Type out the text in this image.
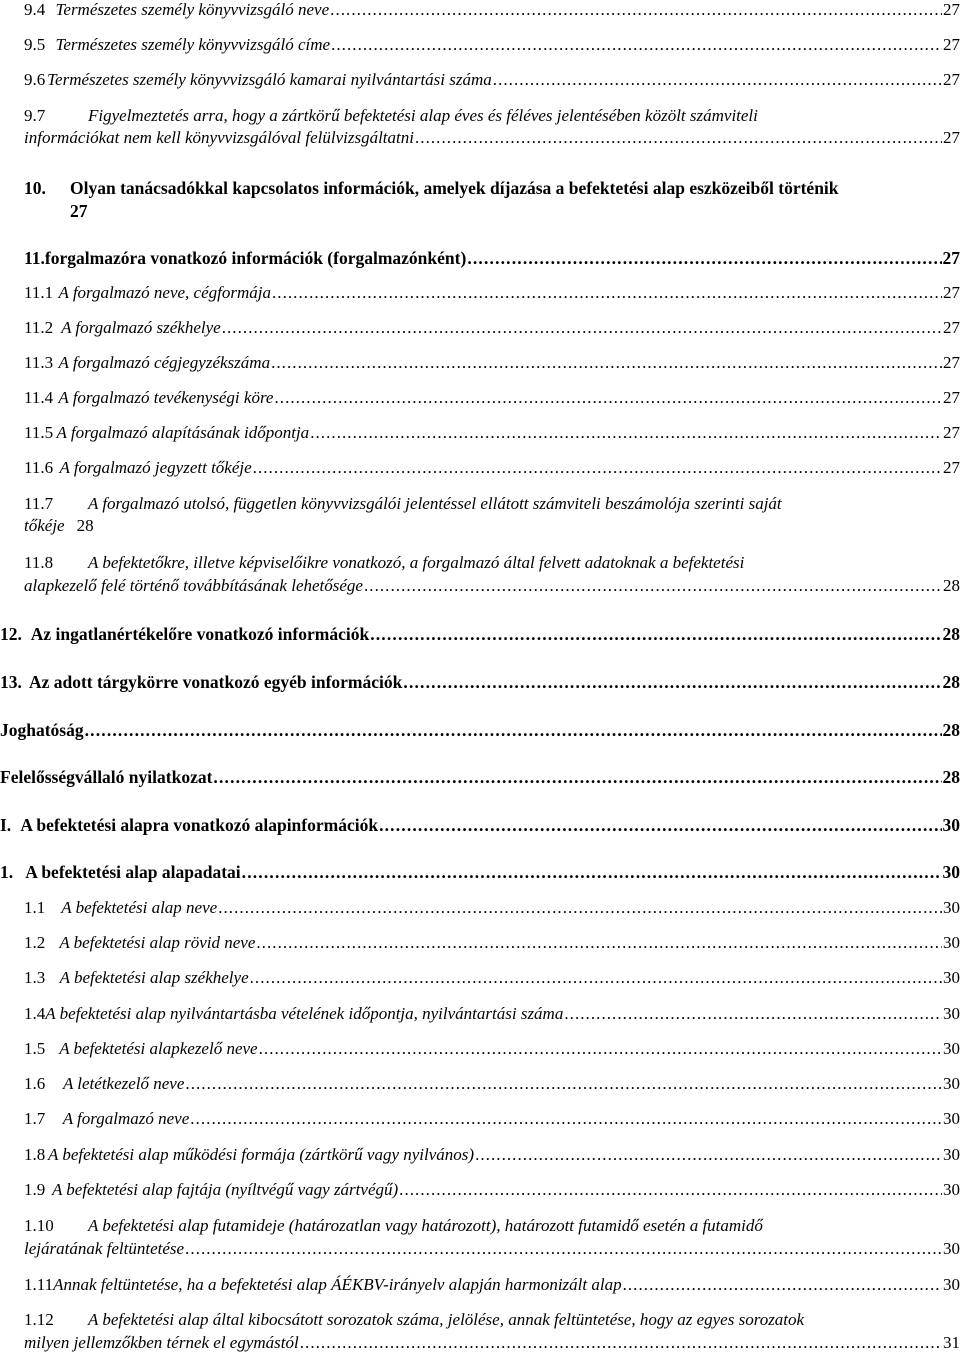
9.4 Természetes személy könyvvizsgáló neve . . .	27
9.5 Természetes személy könyvvizsgáló címe . . .	27
9.6 Természetes személy könyvvizsgáló kamarai nyilvántartási száma . . .	27
9.7	Figyelmeztetés arra, hogy a zártkörű befektetési alap éves és féléves jelentésében közölt számviteli
információkat nem kell könyvvizsgálóval felülvizsgáltatni . . .	27
10.	Olyan tanácsadókkal kapcsolatos információk, amelyek díjazása a befektetési alap eszközeiből történik
27
11. forgalmazóra vonatkozó információk (forgalmazónként) . . .	27
11.1 A forgalmazó neve, cégformája . . .	27
11.2 A forgalmazó székhelye . . .	27
11.3 A forgalmazó cégjegyzékszáma . . .	27
11.4 A forgalmazó tevékenységi köre . . .	27
11.5 A forgalmazó alapításának időpontja . . .	27
11.6 A forgalmazó jegyzett tőkéje . . .	27
11.7	A forgalmazó utolsó, független könyvvizsgálói jelentéssel ellátott számviteli beszámolója szerinti saját
tőkéje 28
11.8	A befektetőkre, illetve képviselőikre vonatkozó, a forgalmazó által felvett adatoknak a befektetési
alapkezelő felé történő továbbításának lehetősége . . .	28
12. Az ingatlanértékelőre vonatkozó információk . . .	28
13. Az adott tárgykörre vonatkozó egyéb információk . . .	28
Joghatóság . . .	28
Felelősségvállaló nyilatkozat . . .	28
I. A befektetési alapra vonatkozó alapinformációk . . .	30
1. A befektetési alap alapadatai . . .	30
1.1 A befektetési alap neve . . .	30
1.2 A befektetési alap rövid neve . . .	30
1.3 A befektetési alap székhelye . . .	30
1.4 A befektetési alap nyilvántartásba vételének időpontja, nyilvántartási száma . . .	30
1.5 A befektetési alapkezelő neve . . .	30
1.6	A letétkezelő neve . . .	30
1.7	A forgalmazó neve . . .	30
1.8 A befektetési alap működési formája (zártkörű vagy nyilvános) . . .	30
1.9 A befektetési alap fajtája (nyíltvégű vagy zártvégű) . . .	30
1.10	A befektetési alap futamideje (határozatlan vagy határozott), határozott futamidő esetén a futamidő
lejáratának feltüntetése . . .	30
1.11 Annak feltüntetése, ha a befektetési alap ÁÉKBV-irányelv alapján harmonizált alap . . .	30
1.12	A befektetési alap által kibocsátott sorozatok száma, jelölése, annak feltüntetése, hogy az egyes sorozatok
milyen jellemzőkben térnek el egymástól . . .	31
